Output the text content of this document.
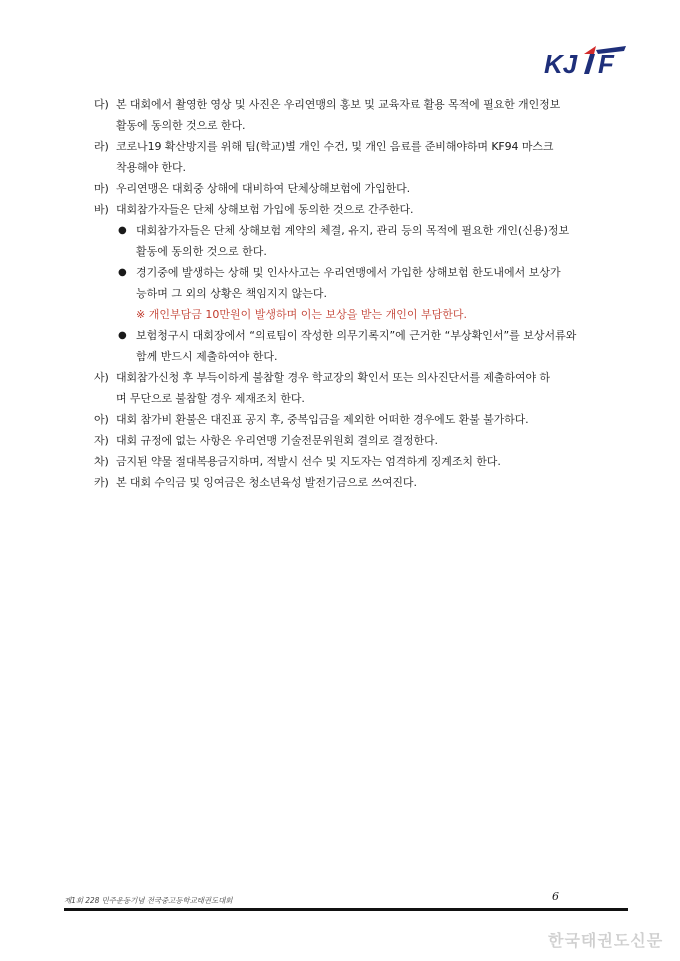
KJ F
다) 본 대회에서 촬영한 영상 및 사진은 우리연맹의 홍보 및 교육자료 활용 목적에 필요한 개인정보
활동에 동의한 것으로 한다.
라) 코로나19 확산방지를 위해 팀(학교)별 개인 수건, 및 개인 음료를 준비해야하며 KF94 마스크
착용해야 한다.
마) 우리연맹은 대회중 상해에 대비하여 단체상해보험에 가입한다.
바) 대회참가자들은 단체 상해보험 가입에 동의한 것으로 간주한다.
● 대회참가자들은 단체 상해보험 계약의 체결, 유지, 관리 등의 목적에 필요한 개인(신용)정보
활동에 동의한 것으로 한다.
● 경기중에 발생하는 상해 및 인사사고는 우리연맹에서 가입한 상해보험 한도내에서 보상가
능하며 그 외의 상황은 책임지지 않는다.
※ 개인부담금 10만원이 발생하며 이는 보상을 받는 개인이 부담한다.
● 보험청구시 대회장에서 “의료팀이 작성한 의무기록지”에 근거한 “부상확인서”를 보상서류와
함께 반드시 제출하여야 한다.
사) 대회참가신청 후 부득이하게 불참할 경우 학교장의 확인서 또는 의사진단서를 제출하여야 하
며 무단으로 불참할 경우 제재조치 한다.
아) 대회 참가비 환불은 대진표 공지 후, 중복입금을 제외한 어떠한 경우에도 환불 불가하다.
자) 대회 규정에 없는 사항은 우리연맹 기술전문위원회 결의로 결정한다.
차) 금지된 약물 절대복용금지하며, 적발시 선수 및 지도자는 엄격하게 징계조치 한다.
카) 본 대회 수익금 및 잉여금은 청소년육성 발전기금으로 쓰여진다.
제1회 228 민주운동기념 전국중고등학교태권도대회	6
한국태권도신문
